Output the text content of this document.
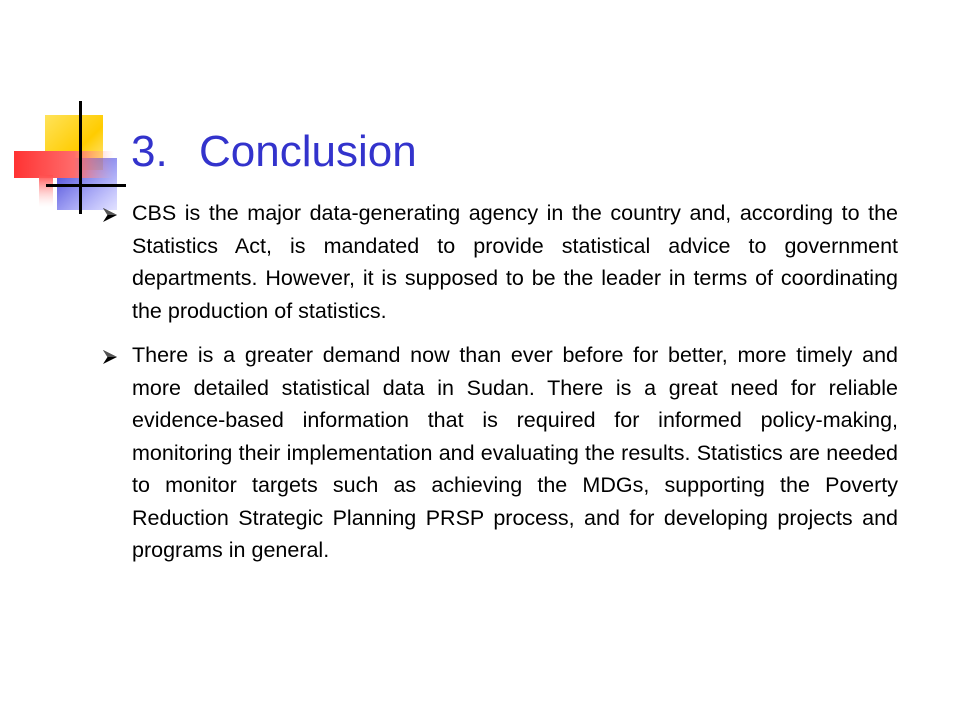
3. Conclusion
CBS is the major data-generating agency in the country and, according to the Statistics Act, is mandated to provide statistical advice to government departments. However, it is supposed to be the leader in terms of coordinating the production of statistics.
There is a greater demand now than ever before for better, more timely and more detailed statistical data in Sudan. There is a great need for reliable evidence-based information that is required for informed policy-making, monitoring their implementation and evaluating the results. Statistics are needed to monitor targets such as achieving the MDGs, supporting the Poverty Reduction Strategic Planning PRSP process, and for developing projects and programs in general.
